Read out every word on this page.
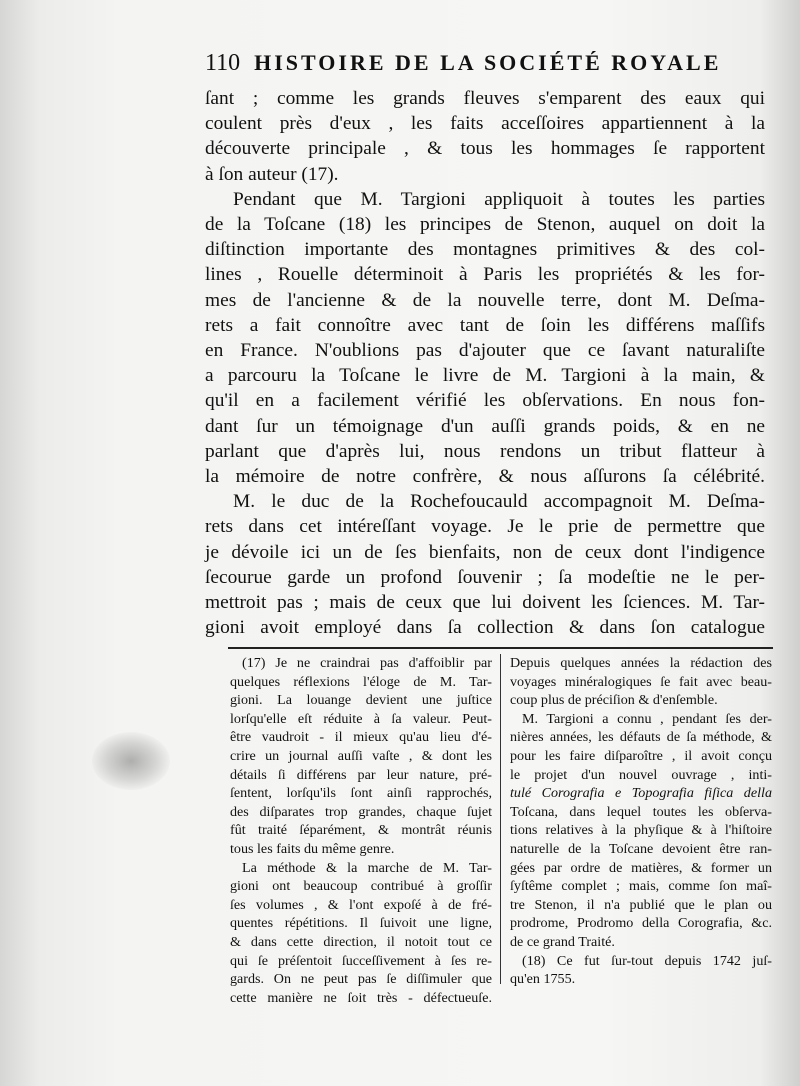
110 HISTOIRE DE LA SOCIÉTÉ ROYALE
ſant ; comme les grands fleuves s'emparent des eaux qui
coulent près d'eux , les faits acceſſoires appartiennent à la
découverte principale , & tous les hommages ſe rapportent
à ſon auteur (17).
Pendant que M. Targioni appliquoit à toutes les parties
de la Toſcane (18) les principes de Stenon, auquel on doit la
diſtinction importante des montagnes primitives & des col-
lines , Rouelle déterminoit à Paris les propriétés & les for-
mes de l'ancienne & de la nouvelle terre, dont M. Deſma-
rets a fait connoître avec tant de ſoin les différens maſſifs
en France. N'oublions pas d'ajouter que ce ſavant naturaliſte
a parcouru la Toſcane le livre de M. Targioni à la main, &
qu'il en a facilement vérifié les obſervations. En nous fon-
dant ſur un témoignage d'un auſſi grands poids, & en ne
parlant que d'après lui, nous rendons un tribut flatteur à
la mémoire de notre confrère, & nous aſſurons ſa célébrité.
M. le duc de la Rochefoucauld accompagnoit M. Deſma-
rets dans cet intéreſſant voyage. Je le prie de permettre que
je dévoile ici un de ſes bienfaits, non de ceux dont l'indigence
ſecourue garde un profond ſouvenir ; ſa modeſtie ne le per-
mettroit pas ; mais de ceux que lui doivent les ſciences. M. Tar-
gioni avoit employé dans ſa collection & dans ſon catalogue
(17) Je ne craindrai pas d'affoiblir par
quelques réflexions l'éloge de M. Tar-
gioni. La louange devient une juſtice
lorſqu'elle eſt réduite à ſa valeur. Peut-
être vaudroit - il mieux qu'au lieu d'é-
crire un journal auſſi vaſte , & dont les
détails ſi différens par leur nature, pré-
ſentent, lorſqu'ils ſont ainſi rapprochés,
des diſparates trop grandes, chaque ſujet
fût traité ſéparément, & montrât réunis
tous les faits du même genre.
La méthode & la marche de M. Tar-
gioni ont beaucoup contribué à groſſir
ſes volumes , & l'ont expoſé à de fré-
quentes répétitions. Il ſuivoit une ligne,
& dans cette direction, il notoit tout ce
qui ſe préſentoit ſucceſſivement à ſes re-
gards. On ne peut pas ſe diſſimuler que
cette manière ne ſoit très - défectueuſe.
Depuis quelques années la rédaction des
voyages minéralogiques ſe fait avec beau-
coup plus de préciſion & d'enſemble.
M. Targioni a connu , pendant ſes der-
nières années, les défauts de ſa méthode, &
pour les faire diſparoître , il avoit conçu
le projet d'un nouvel ouvrage , inti-
tulé Corografia e Topografia fiſica della
Toſcana, dans lequel toutes les obſerva-
tions relatives à la phyſique & à l'hiſtoire
naturelle de la Toſcane devoient être ran-
gées par ordre de matières, & former un
ſyſtême complet ; mais, comme ſon maî-
tre Stenon, il n'a publié que le plan ou
prodrome, Prodromo della Corografia, &c.
de ce grand Traité.
(18) Ce fut ſur-tout depuis 1742 juſ-
qu'en 1755.
